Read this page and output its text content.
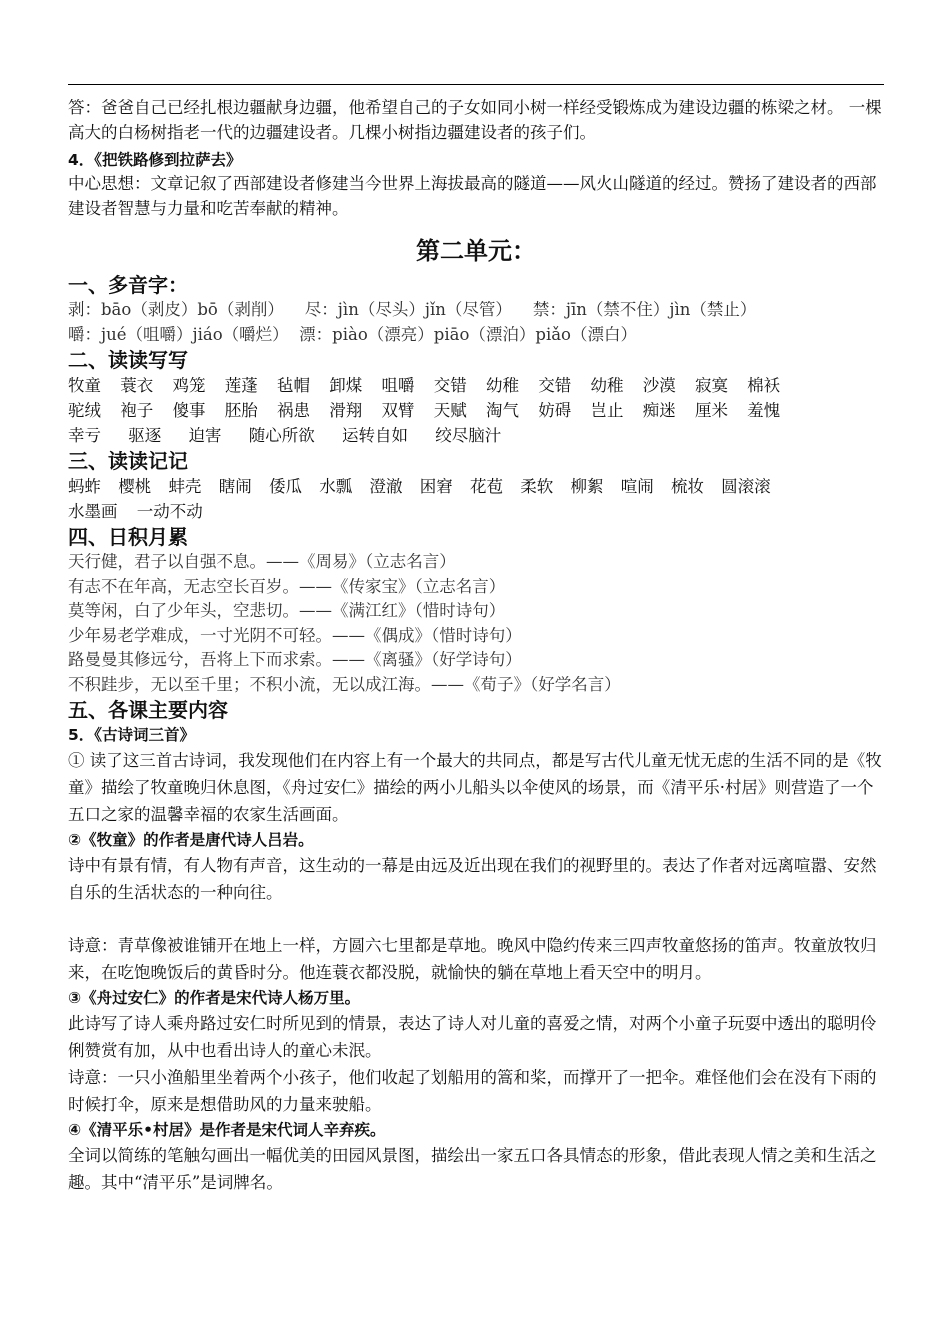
答：爸爸自己已经扎根边疆献身边疆，他希望自己的子女如同小树一样经受锻炼成为建设边疆的栋梁之材。 一棵高大的白杨树指老一代的边疆建设者。几棵小树指边疆建设者的孩子们。

4．《把铁路修到拉萨去》

中心思想：文章记叙了西部建设者修建当今世界上海拔最高的隧道——风火山隧道的经过。赞扬了建设者的西部建设者智慧与力量和吃苦奉献的精神。

第二单元：

一、多音字：

剥：bāo（剥皮）bō（剥削）    尽：jìn（尽头）jǐn（尽管）    禁：jīn（禁不住）jìn（禁止）

嚼：jué（咀嚼）jiáo（嚼烂）  漂：piào（漂亮）piāo（漂泊）piǎo（漂白）

二、读读写写

牧童 蓑衣 鸡笼 莲蓬 毡帽 卸煤 咀嚼 交错 幼稚 交错 幼稚 沙漠 寂寞 棉袄

驼绒 袍子 傻事 胚胎 祸患 滑翔 双臂 天赋 淘气 妨碍 岂止 痴迷 厘米 羞愧

幸亏 驱逐 迫害 随心所欲 运转自如 绞尽脑汁

三、读读记记

蚂蚱 樱桃 蚌壳 瞎闹 倭瓜 水瓢 澄澈 困窘 花苞 柔软 柳絮 喧闹 梳妆 圆滚滚

水墨画 一动不动

四、日积月累

天行健，君子以自强不息。——《周易》（立志名言）

有志不在年高，无志空长百岁。——《传家宝》（立志名言）

莫等闲，白了少年头，空悲切。——《满江红》（惜时诗句）

少年易老学难成，一寸光阴不可轻。——《偶成》（惜时诗句）

路曼曼其修远兮，吾将上下而求索。——《离骚》（好学诗句）

不积跬步，无以至千里；不积小流，无以成江海。——《荀子》（好学名言）

五、各课主要内容

5．《古诗词三首》

① 读了这三首古诗词，我发现他们在内容上有一个最大的共同点，都是写古代儿童无忧无虑的生活不同的是《牧童》描绘了牧童晚归休息图，《舟过安仁》描绘的两小儿船头以伞使风的场景，而《清平乐·村居》则营造了一个五口之家的温馨幸福的农家生活画面。

②《牧童》的作者是唐代诗人吕岩。

诗中有景有情，有人物有声音，这生动的一幕是由远及近出现在我们的视野里的。表达了作者对远离喧嚣、安然自乐的生活状态的一种向往。

诗意：青草像被谁铺开在地上一样，方圆六七里都是草地。晚风中隐约传来三四声牧童悠扬的笛声。牧童放牧归来，在吃饱晚饭后的黄昏时分。他连蓑衣都没脱，就愉快的躺在草地上看天空中的明月。

③《舟过安仁》的作者是宋代诗人杨万里。

此诗写了诗人乘舟路过安仁时所见到的情景，表达了诗人对儿童的喜爱之情，对两个小童子玩耍中透出的聪明伶俐赞赏有加，从中也看出诗人的童心未泯。

诗意：一只小渔船里坐着两个小孩子，他们收起了划船用的篙和桨，而撑开了一把伞。难怪他们会在没有下雨的时候打伞，原来是想借助风的力量来驶船。

④《清平乐•村居》是作者是宋代词人辛弃疾。

全词以简练的笔触勾画出一幅优美的田园风景图，描绘出一家五口各具情态的形象，借此表现人情之美和生活之趣。其中“清平乐”是词牌名。
